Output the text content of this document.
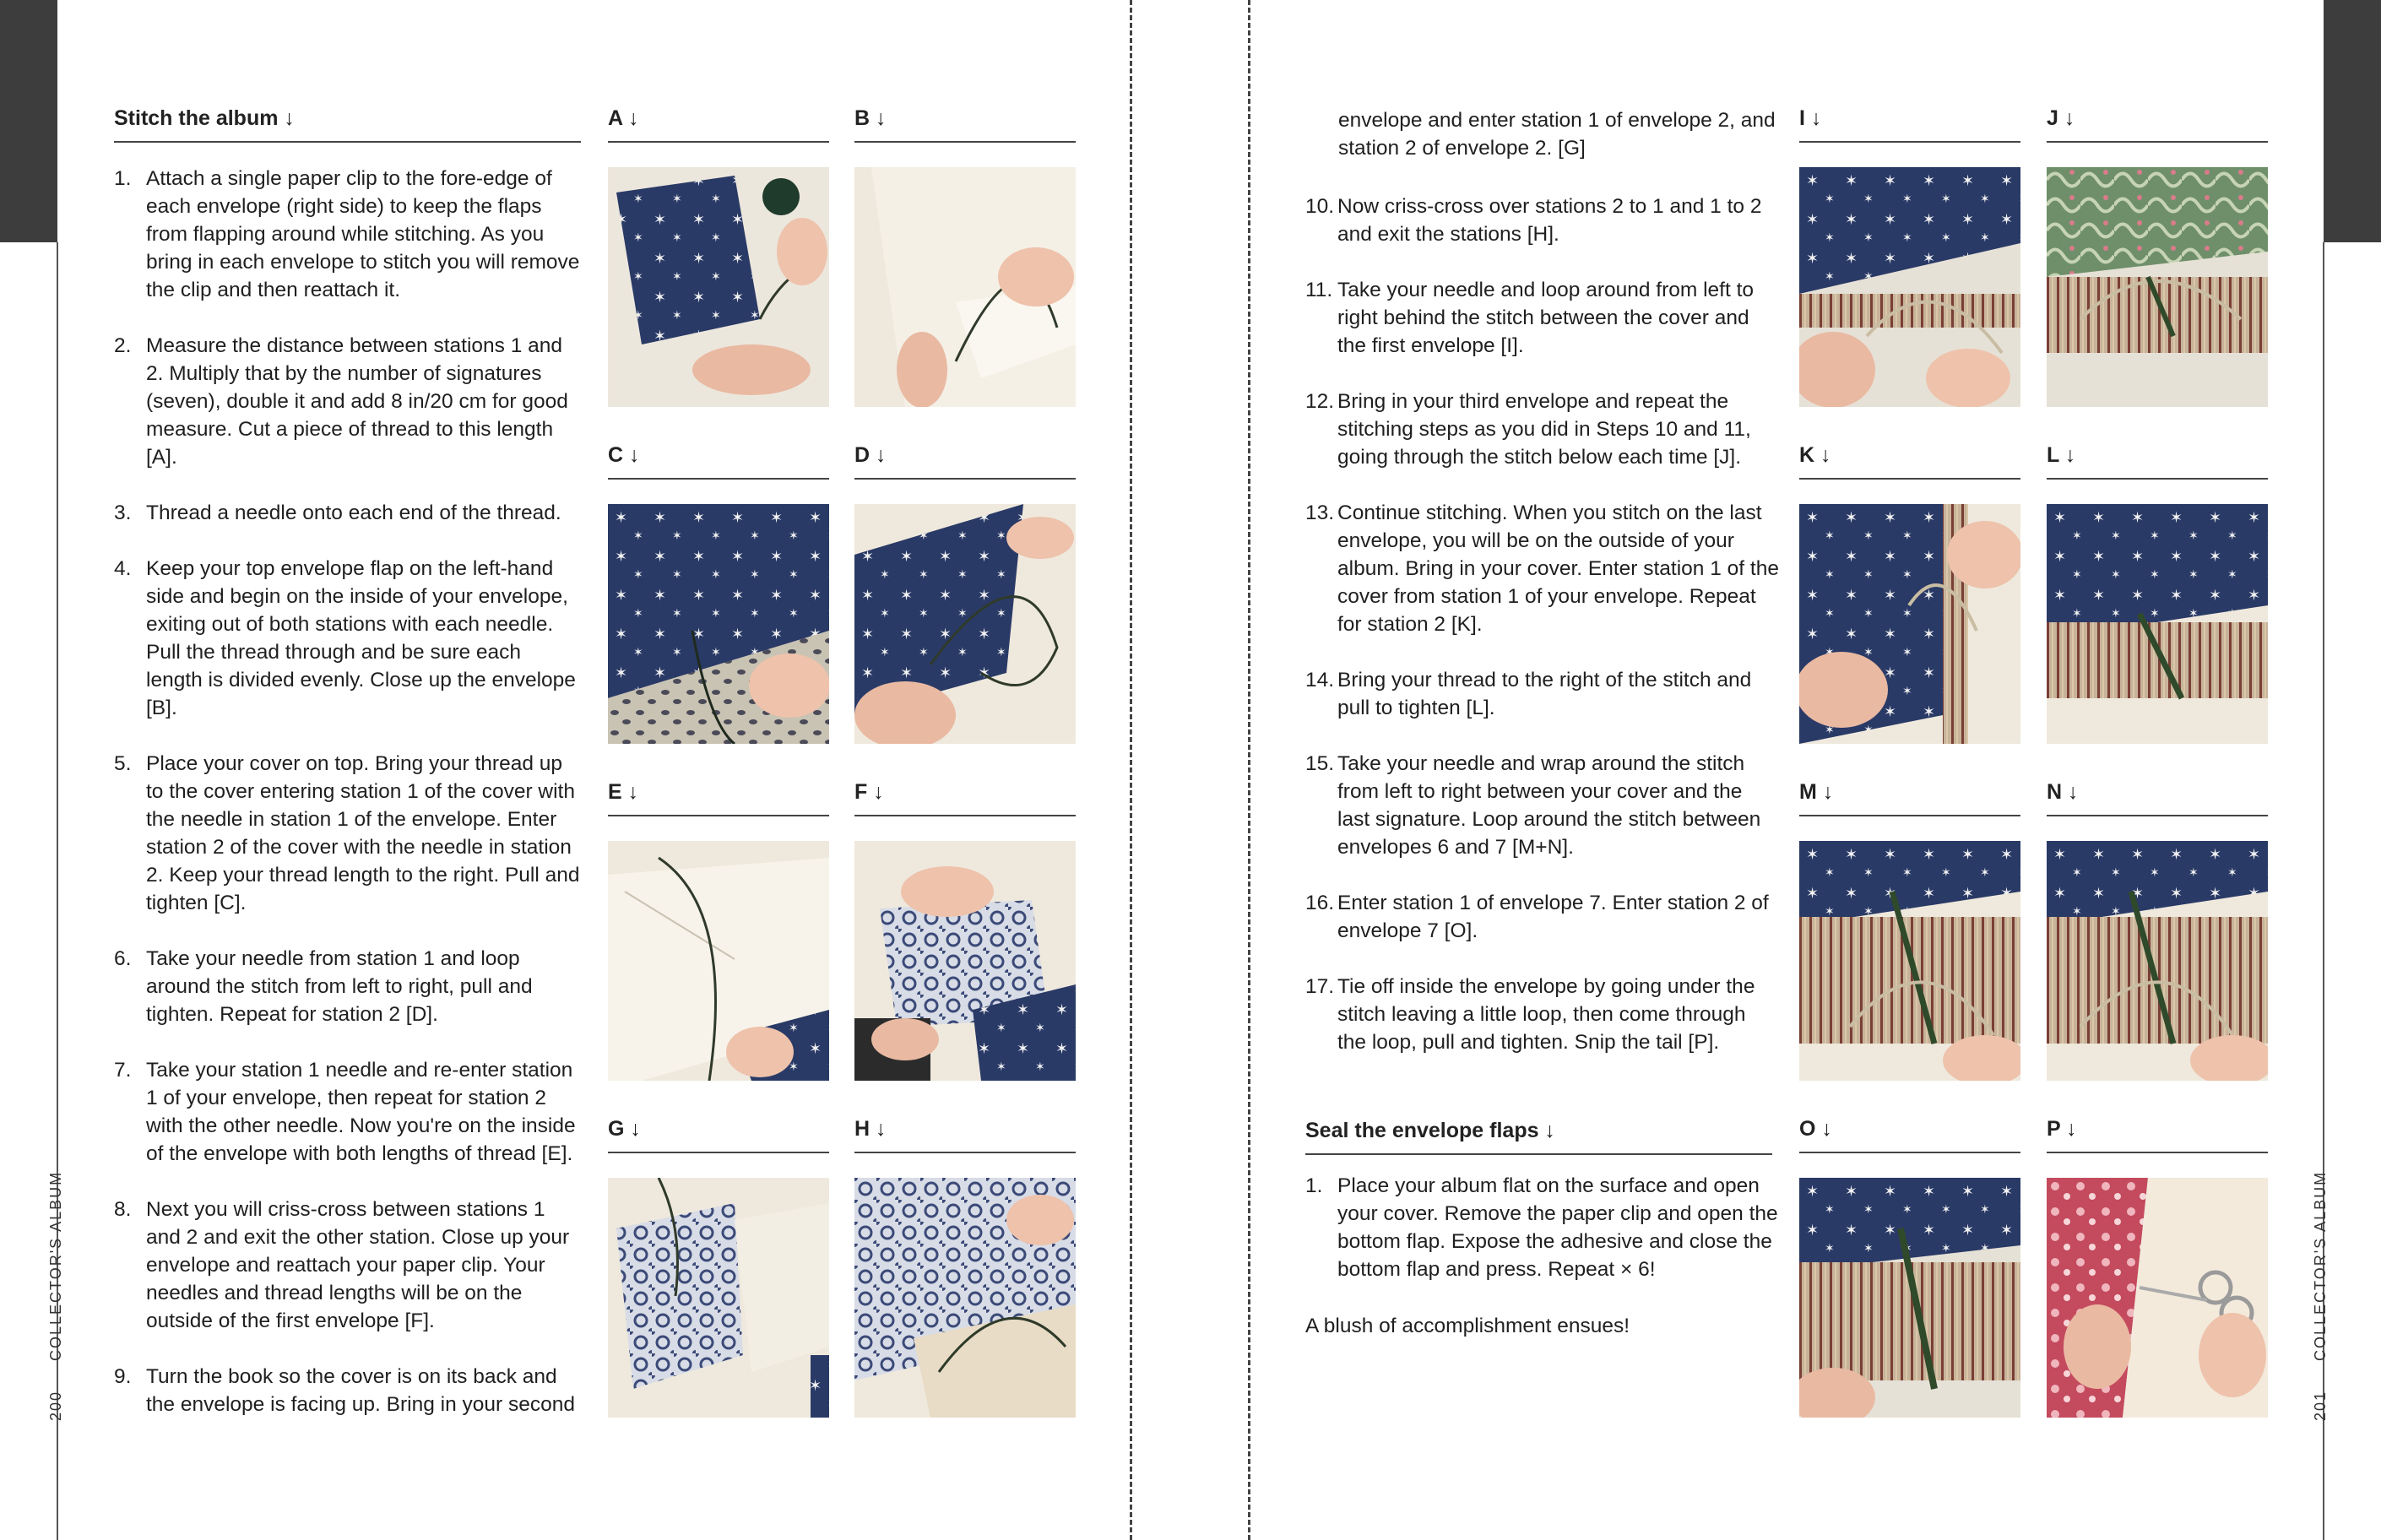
COLLECTOR'S ALBUM
200
COLLECTOR'S ALBUM
201
Stitch the album ↓
1. Attach a single paper clip to the fore-edge of each envelope (right side) to keep the flaps from flapping around while stitching. As you bring in each envelope to stitch you will remove the clip and then reattach it.
2. Measure the distance between stations 1 and 2. Multiply that by the number of signatures (seven), double it and add 8 in/20 cm for good measure. Cut a piece of thread to this length [A].
3. Thread a needle onto each end of the thread.
4. Keep your top envelope flap on the left-hand side and begin on the inside of your envelope, exiting out of both stations with each needle. Pull the thread through and be sure each length is divided evenly. Close up the envelope [B].
5. Place your cover on top. Bring your thread up to the cover entering station 1 of the cover with the needle in station 1 of the envelope. Enter station 2 of the cover with the needle in station 2. Keep your thread length to the right. Pull and tighten [C].
6. Take your needle from station 1 and loop around the stitch from left to right, pull and tighten. Repeat for station 2 [D].
7. Take your station 1 needle and re-enter station 1 of your envelope, then repeat for station 2 with the other needle. Now you're on the inside of the envelope with both lengths of thread [E].
8. Next you will criss-cross between stations 1 and 2 and exit the other station. Close up your envelope and reattach your paper clip. Your needles and thread lengths will be on the outside of the first envelope [F].
9. Turn the book so the cover is on its back and the envelope is facing up. Bring in your second
envelope and enter station 1 of envelope 2, and station 2 of envelope 2. [G]
10. Now criss-cross over stations 2 to 1 and 1 to 2 and exit the stations [H].
11. Take your needle and loop around from left to right behind the stitch between the cover and the first envelope [I].
12. Bring in your third envelope and repeat the stitching steps as you did in Steps 10 and 11, going through the stitch below each time [J].
13. Continue stitching. When you stitch on the last envelope, you will be on the outside of your album. Bring in your cover. Enter station 1 of the cover from station 1 of your envelope. Repeat for station 2 [K].
14. Bring your thread to the right of the stitch and pull to tighten [L].
15. Take your needle and wrap around the stitch from left to right between your cover and the last signature. Loop around the stitch between envelopes 6 and 7 [M+N].
16. Enter station 1 of envelope 7. Enter station 2 of envelope 7 [O].
17. Tie off inside the envelope by going under the stitch leaving a little loop, then come through the loop, pull and tighten. Snip the tail [P].
Seal the envelope flaps ↓
1. Place your album flat on the surface and open your cover. Remove the paper clip and open the bottom flap. Expose the adhesive and close the bottom flap and press. Repeat × 6!
A blush of accomplishment ensues!
A ↓	B ↓
C ↓	D ↓
E ↓	F ↓
G ↓	H ↓
I ↓	J ↓
K ↓	L ↓
M ↓	N ↓
O ↓	P ↓
